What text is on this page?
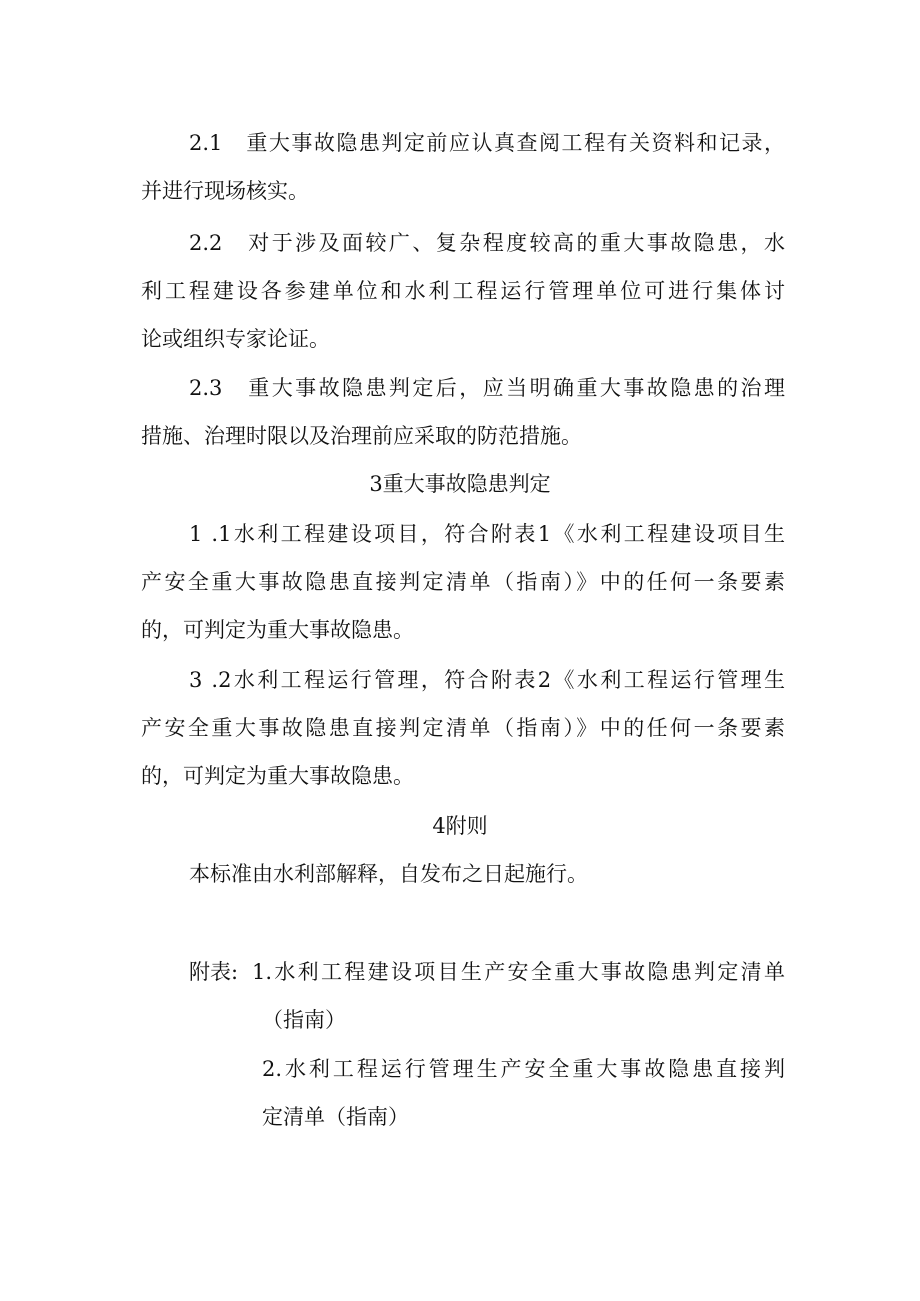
2.1　重大事故隐患判定前应认真查阅工程有关资料和记录，
并进行现场核实。
2.2　对于涉及面较广、复杂程度较高的重大事故隐患，水
利工程建设各参建单位和水利工程运行管理单位可进行集体讨
论或组织专家论证。
2.3　重大事故隐患判定后，应当明确重大事故隐患的治理
措施、治理时限以及治理前应采取的防范措施。
3重大事故隐患判定
1 .1水利工程建设项目，符合附表1《水利工程建设项目生
产安全重大事故隐患直接判定清单（指南）》中的任何一条要素
的，可判定为重大事故隐患。
3 .2水利工程运行管理，符合附表2《水利工程运行管理生
产安全重大事故隐患直接判定清单（指南）》中的任何一条要素
的，可判定为重大事故隐患。
4附则
本标准由水利部解释，自发布之日起施行。
附表: 1.水利工程建设项目生产安全重大事故隐患判定清单
（指南）
2.水利工程运行管理生产安全重大事故隐患直接判
定清单（指南）
